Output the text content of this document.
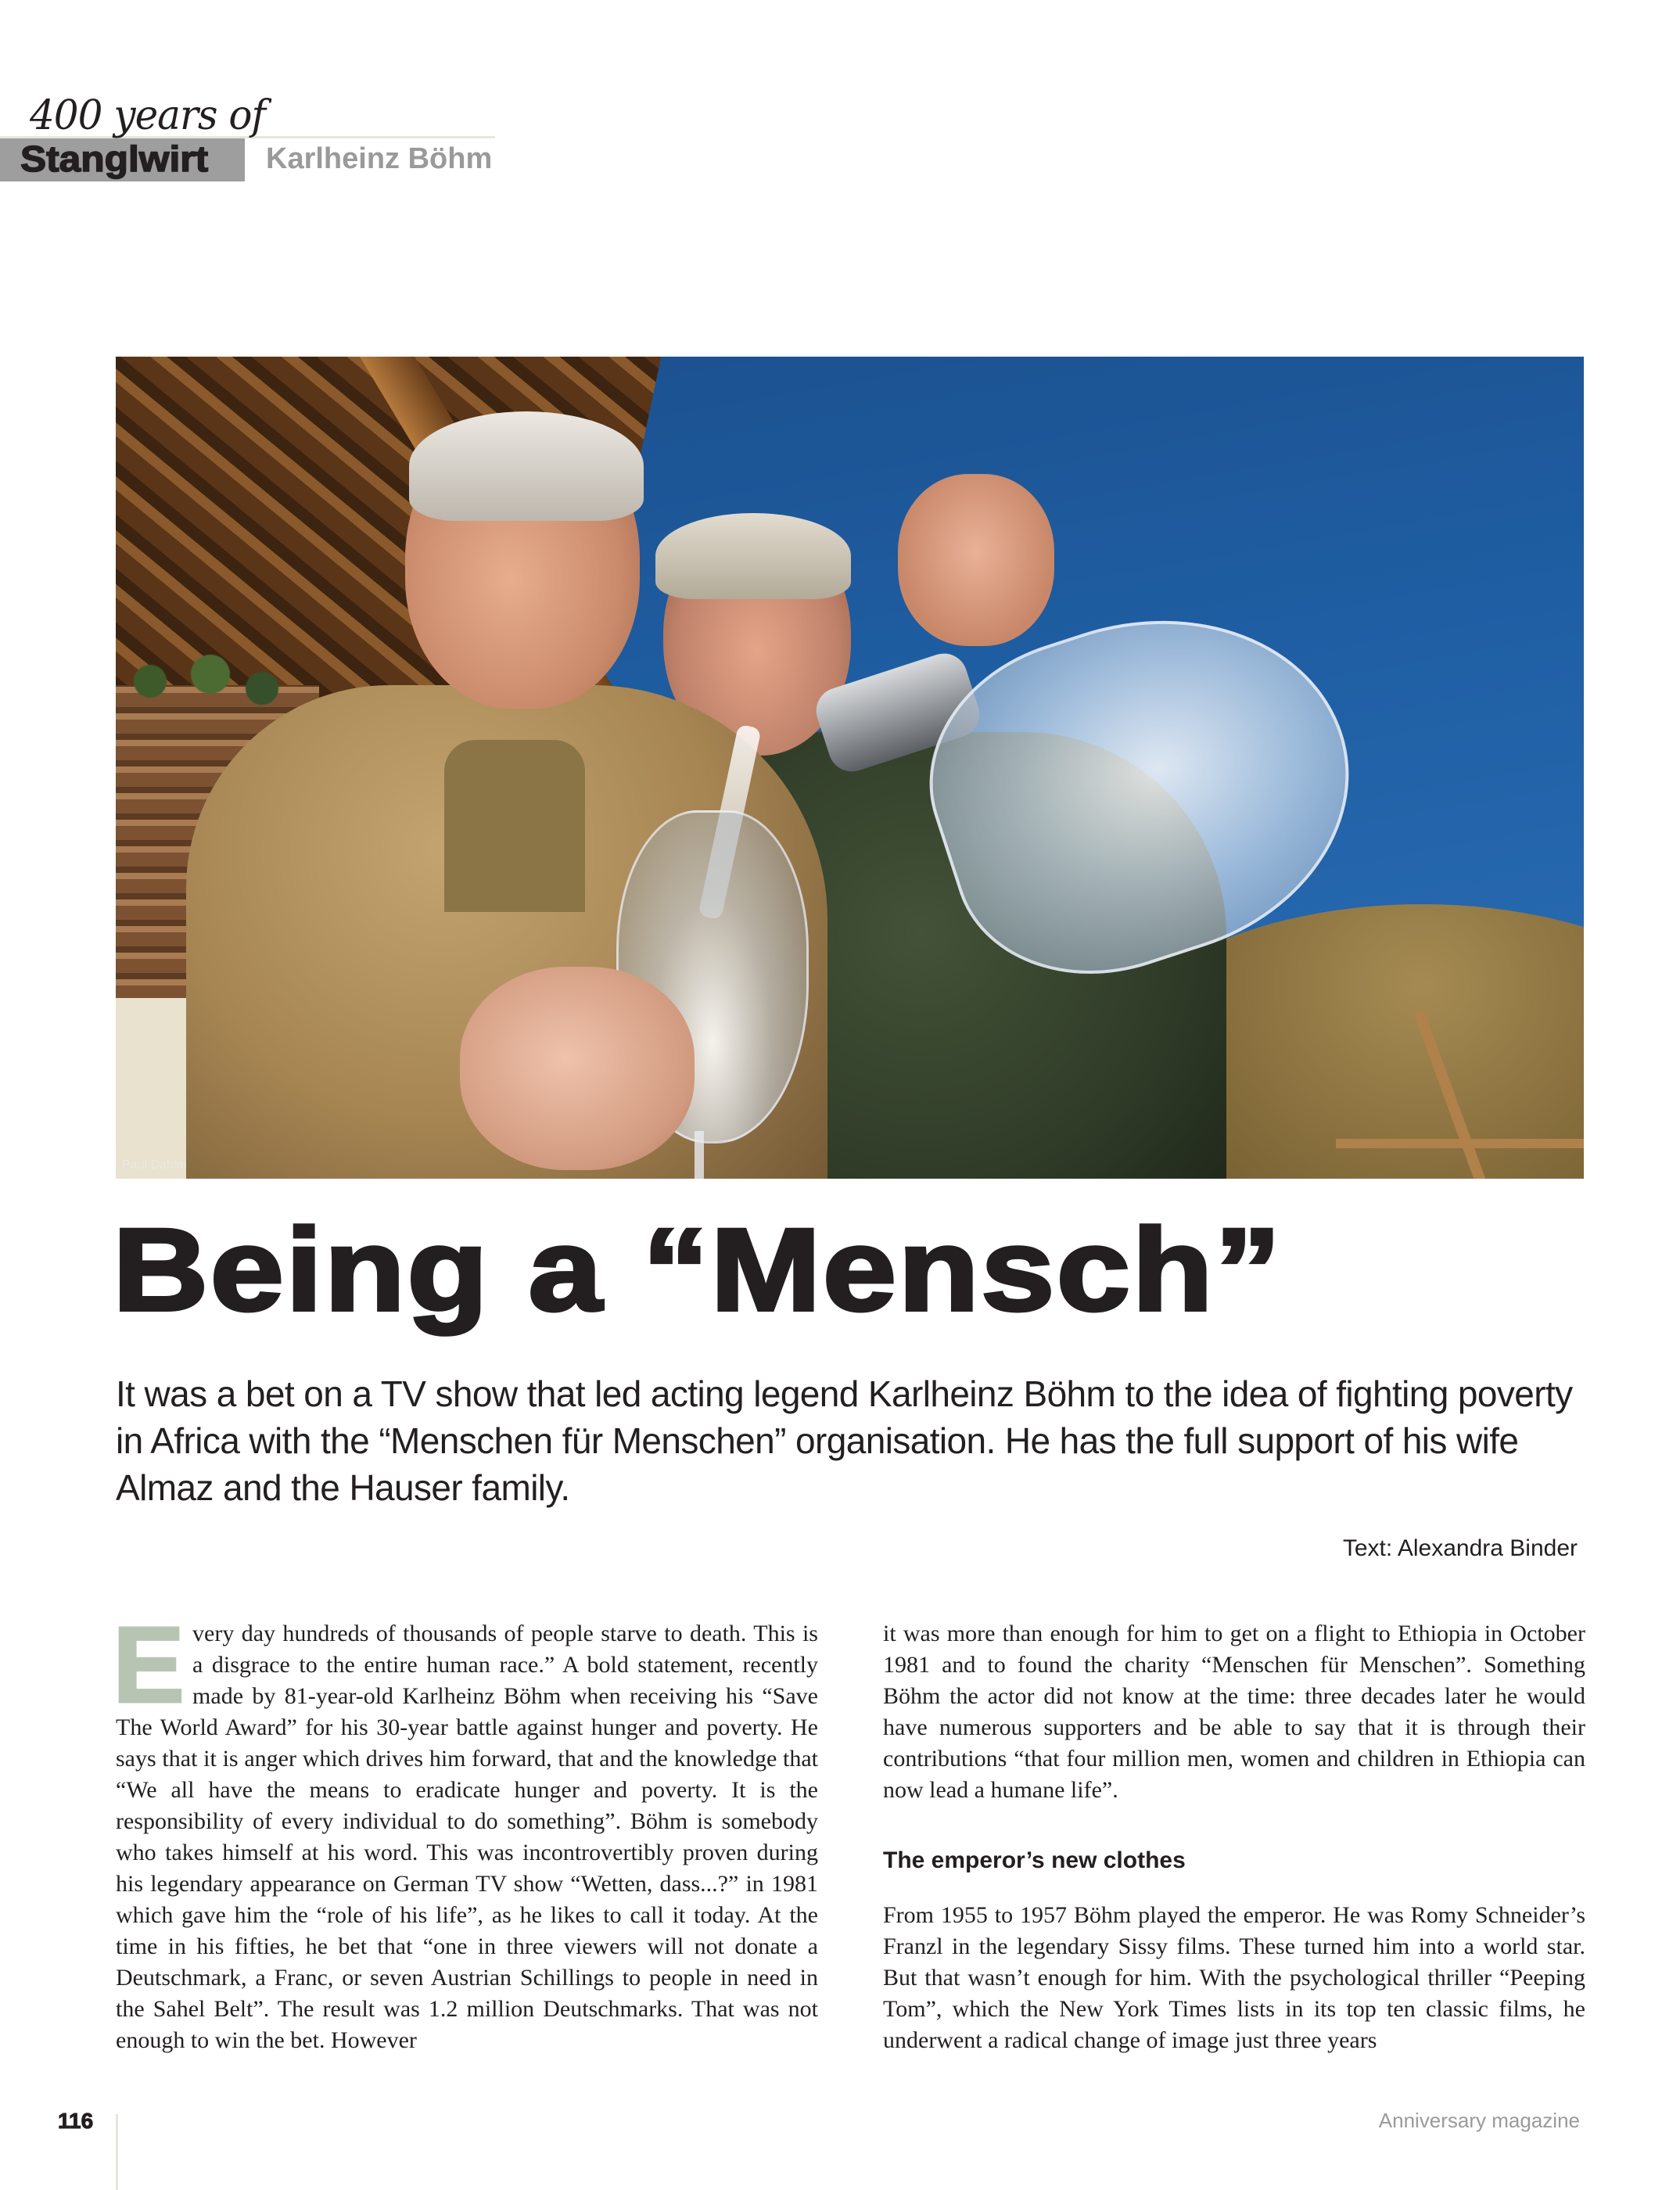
400 years of
Stanglwirt Karlheinz Böhm
Paul Dahlm
Being a “Mensch”

It was a bet on a TV show that led acting legend Karlheinz Böhm to the idea of fighting poverty in Africa with the “Menschen für Menschen” organisation. He has the full support of his wife Almaz and the Hauser family.

Text: Alexandra Binder

E very day hundreds of thousands of people starve to death. This is a disgrace to the entire human race.” A bold statement, recently made by 81-year-old Karlheinz Böhm when receiving his “Save The World Award” for his 30-year battle against hunger and poverty. He says that it is anger which drives him forward, that and the knowledge that “We all have the means to eradicate hunger and poverty. It is the responsibility of every individual to do something”. Böhm is somebody who takes himself at his word. This was incontrovertibly proven during his legendary appearance on German TV show “Wetten, dass...?” in 1981 which gave him the “role of his life”, as he likes to call it today. At the time in his fifties, he bet that “one in three viewers will not donate a Deutschmark, a Franc, or seven Austrian Schillings to people in need in the Sahel Belt”. The result was 1.2 million Deutschmarks. That was not enough to win the bet. However

it was more than enough for him to get on a flight to Ethiopia in October 1981 and to found the charity “Menschen für Menschen”. Something Böhm the actor did not know at the time: three decades later he would have numerous supporters and be able to say that it is through their contributions “that four million men, women and children in Ethiopia can now lead a humane life”.

The emperor’s new clothes

From 1955 to 1957 Böhm played the emperor. He was Romy Schneider’s Franzl in the legendary Sissy films. These turned him into a world star. But that wasn’t enough for him. With the psychological thriller “Peeping Tom”, which the New York Times lists in its top ten classic films, he underwent a radical change of image just three years

116	Anniversary magazine
